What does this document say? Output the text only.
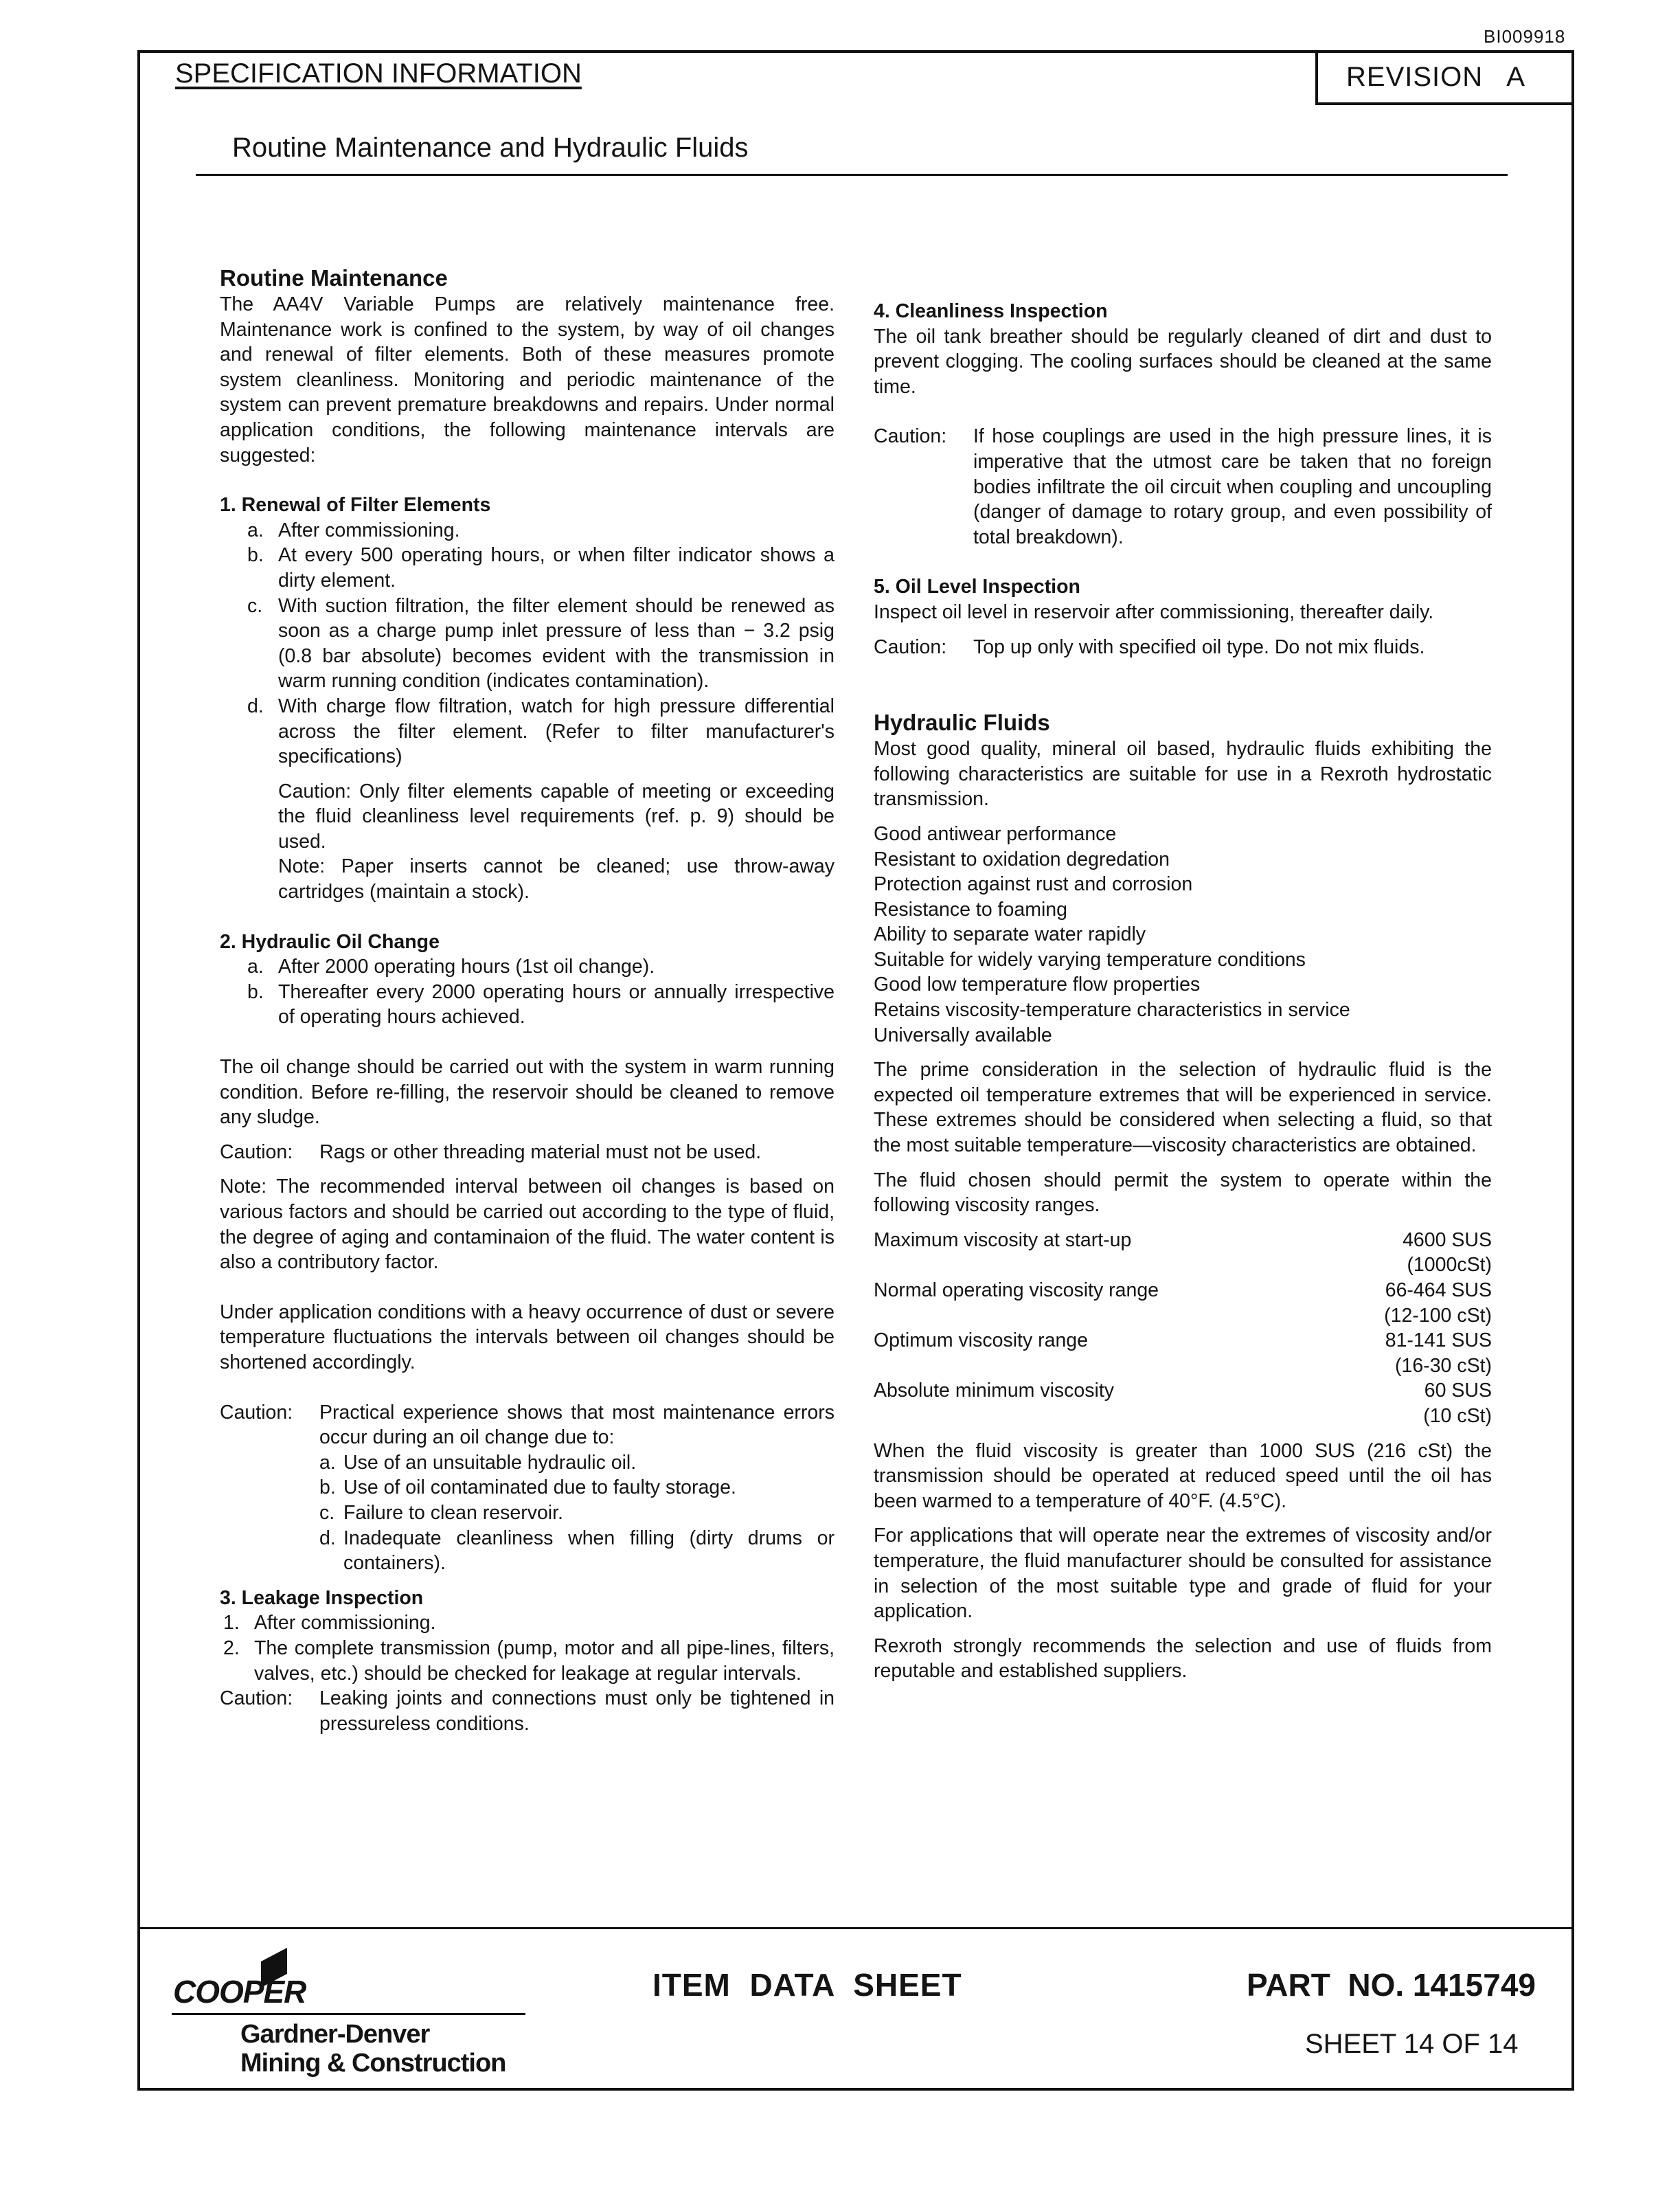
BI009918
SPECIFICATION INFORMATION	REVISION   A
Routine Maintenance and Hydraulic Fluids

Routine Maintenance

The AA4V Variable Pumps are relatively maintenance free. Maintenance work is confined to the system, by way of oil changes and renewal of filter elements. Both of these measures promote system cleanliness. Monitoring and periodic maintenance of the system can prevent premature breakdowns and repairs. Under normal application conditions, the following maintenance intervals are suggested:

1. Renewal of Filter Elements

a. After commissioning.
b. At every 500 operating hours, or when filter indicator shows a dirty element.
c. With suction filtration, the filter element should be renewed as soon as a charge pump inlet pressure of less than − 3.2 psig (0.8 bar absolute) becomes evident with the transmission in warm running condition (indicates contamination).
d. With charge flow filtration, watch for high pressure differential across the filter element. (Refer to filter manufacturer's specifications)

Caution: Only filter elements capable of meeting or exceeding the fluid cleanliness level requirements (ref. p. 9) should be used.

Note: Paper inserts cannot be cleaned; use throw-away cartridges (maintain a stock).

2. Hydraulic Oil Change

a. After 2000 operating hours (1st oil change).
b. Thereafter every 2000 operating hours or annually irrespective of operating hours achieved.

The oil change should be carried out with the system in warm running condition. Before re-filling, the reservoir should be cleaned to remove any sludge.

Caution: Rags or other threading material must not be used.

Note: The recommended interval between oil changes is based on various factors and should be carried out according to the type of fluid, the degree of aging and contaminaion of the fluid. The water content is also a contributory factor.

Under application conditions with a heavy occurrence of dust or severe temperature fluctuations the intervals between oil changes should be shortened accordingly.

Caution: Practical experience shows that most maintenance errors occur during an oil change due to:
a. Use of an unsuitable hydraulic oil.
b. Use of oil contaminated due to faulty storage.
c. Failure to clean reservoir.
d. Inadequate cleanliness when filling (dirty drums or containers).

3. Leakage Inspection

1. After commissioning.
2. The complete transmission (pump, motor and all pipe-lines, filters, valves, etc.) should be checked for leakage at regular intervals.
Caution: Leaking joints and connections must only be tightened in pressureless conditions.

4. Cleanliness Inspection

The oil tank breather should be regularly cleaned of dirt and dust to prevent clogging. The cooling surfaces should be cleaned at the same time.

Caution: If hose couplings are used in the high pressure lines, it is imperative that the utmost care be taken that no foreign bodies infiltrate the oil circuit when coupling and uncoupling (danger of damage to rotary group, and even possibility of total breakdown).

5. Oil Level Inspection

Inspect oil level in reservoir after commissioning, thereafter daily.

Caution: Top up only with specified oil type. Do not mix fluids.

Hydraulic Fluids

Most good quality, mineral oil based, hydraulic fluids exhibiting the following characteristics are suitable for use in a Rexroth hydrostatic transmission.

Good antiwear performance

Resistant to oxidation degredation

Protection against rust and corrosion

Resistance to foaming

Ability to separate water rapidly

Suitable for widely varying temperature conditions

Good low temperature flow properties

Retains viscosity-temperature characteristics in service

Universally available

The prime consideration in the selection of hydraulic fluid is the expected oil temperature extremes that will be experienced in service. These extremes should be considered when selecting a fluid, so that the most suitable temperature—viscosity characteristics are obtained.

The fluid chosen should permit the system to operate within the following viscosity ranges.

Maximum viscosity at start-up	4600 SUS
(1000cSt)
Normal operating viscosity range	66-464 SUS
(12-100 cSt)
Optimum viscosity range	81-141 SUS
(16-30 cSt)
Absolute minimum viscosity	60 SUS
(10 cSt)

When the fluid viscosity is greater than 1000 SUS (216 cSt) the transmission should be operated at reduced speed until the oil has been warmed to a temperature of 40°F. (4.5°C).

For applications that will operate near the extremes of viscosity and/or temperature, the fluid manufacturer should be consulted for assistance in selection of the most suitable type and grade of fluid for your application.

Rexroth strongly recommends the selection and use of fluids from reputable and established suppliers.

COOPER
Gardner-Denver
Mining & Construction
ITEM  DATA  SHEET	PART  NO. 1415749
SHEET 14 OF 14
